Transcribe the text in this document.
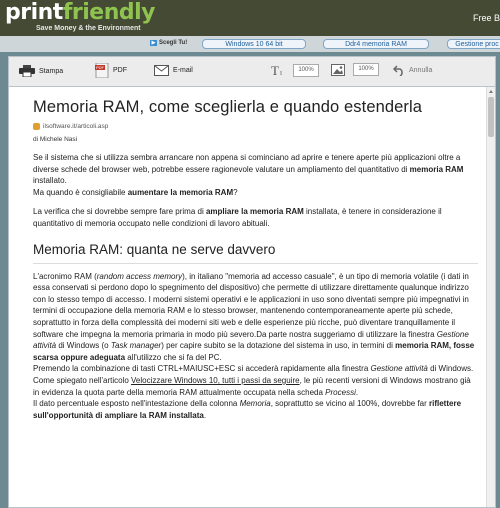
printfriendly
Save Money & the Environment
Free B
▶ Scegli Tu!	Windows 10 64 bit	Ddr4 memoria RAM	Gestione proc
Stampa	PDF PDF	E-mail	T I
100%	100%	Annulla
Memoria RAM, come sceglierla e quando estenderla
ilsoftware.it/articoli.asp
di Michele Nasi

Se il sistema che si utilizza sembra arrancare non appena si cominciano ad aprire e tenere aperte più applicazioni oltre a diverse schede del browser web, potrebbe essere ragionevole valutare un ampliamento del quantitativo di memoria RAM installato.
Ma quando è consigliabile aumentare la memoria RAM?

La verifica che si dovrebbe sempre fare prima di ampliare la memoria RAM installata, è tenere in considerazione il quantitativo di memoria occupato nelle condizioni di lavoro abituali.

Memoria RAM: quanta ne serve davvero

L'acronimo RAM (random access memory), in italiano "memoria ad accesso casuale", è un tipo di memoria volatile (i dati in essa conservati si perdono dopo lo spegnimento del dispositivo) che permette di utilizzare direttamente qualunque indirizzo con lo stesso tempo di accesso. I moderni sistemi operativi e le applicazioni in uso sono diventati sempre più impegnativi in termini di occupazione della memoria RAM e lo stesso browser, mantenendo contemporaneamente aperte più schede, soprattutto in forza della complessità dei moderni siti web e delle esperienze più ricche, può diventare tranquillamente il software che impegna la memoria primaria in modo più severo.Da parte nostra suggeriamo di utilizzare la finestra Gestione attività di Windows (o Task manager) per capire subito se la dotazione del sistema in uso, in termini di memoria RAM, fosse scarsa oppure adeguata all'utilizzo che si fa del PC.
Premendo la combinazione di tasti CTRL+MAIUSC+ESC si accederà rapidamente alla finestra Gestione attività di Windows.
Come spiegato nell'articolo Velocizzare Windows 10, tutti i passi da seguire, le più recenti versioni di Windows mostrano già in evidenza la quota parte della memoria RAM attualmente occupata nella scheda Processi.
Il dato percentuale esposto nell'intestazione della colonna Memoria, soprattutto se vicino al 100%, dovrebbe far riflettere sull'opportunità di ampliare la RAM installata.
